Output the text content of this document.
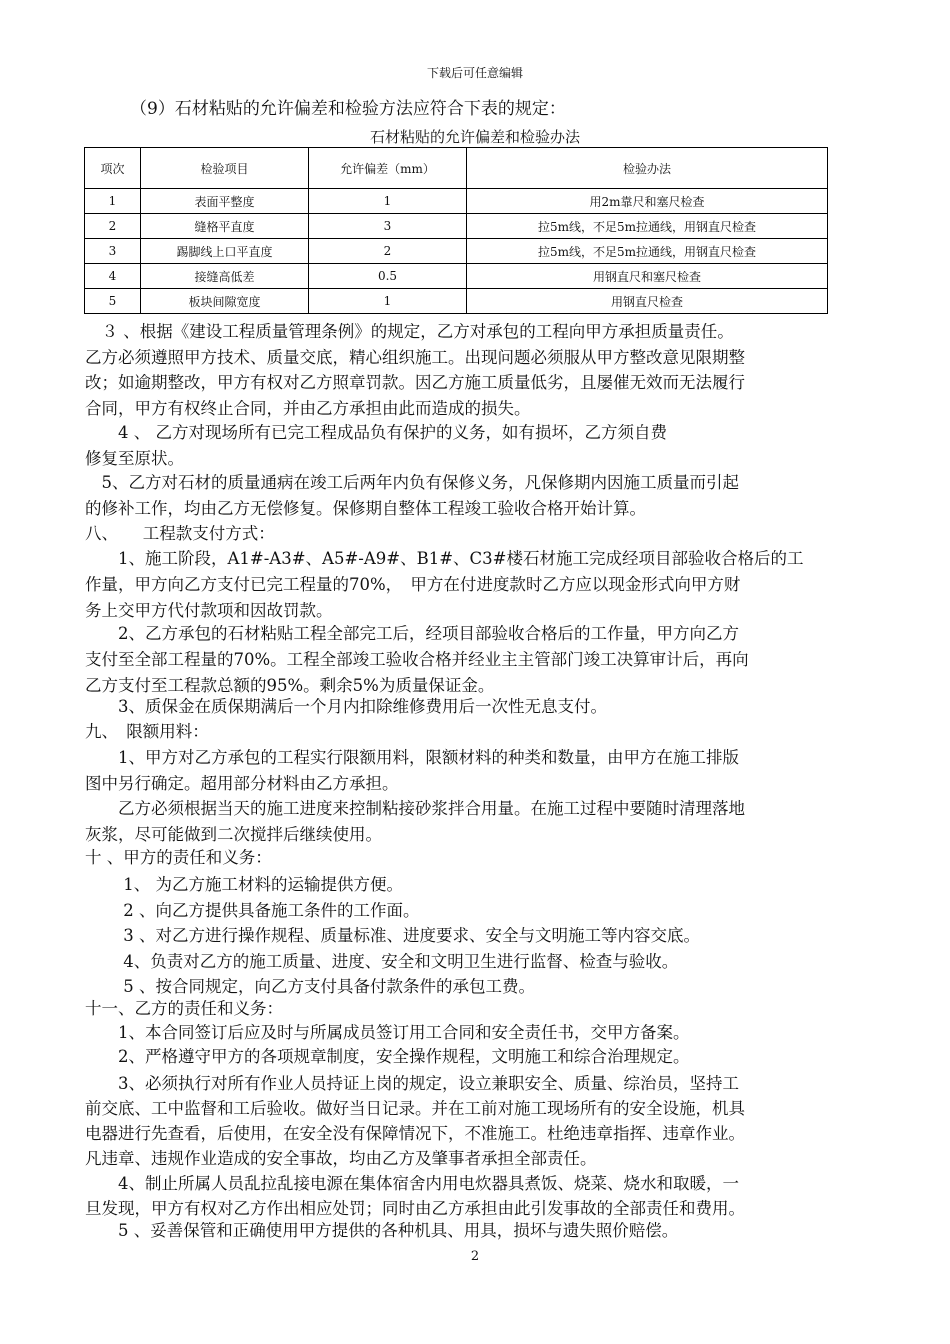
下载后可任意编辑
（9）石材粘贴的允许偏差和检验方法应符合下表的规定：
石材粘贴的允许偏差和检验办法
项次	检验项目	允许偏差（mm）	检验办法
1	表面平整度	1	用2m靠尺和塞尺检查
2	缝格平直度	3	拉5m线，不足5m拉通线，用钢直尺检查
3	踢脚线上口平直度	2	拉5m线，不足5m拉通线，用钢直尺检查
4	接缝高低差	0.5	用钢直尺和塞尺检查
5	板块间隙宽度	1	用钢直尺检查
　３ 、根据《建设工程质量管理条例》的规定，乙方对承包的工程向甲方承担质量责任。
乙方必须遵照甲方技术、质量交底，精心组织施工。出现问题必须服从甲方整改意见限期整
改；如逾期整改，甲方有权对乙方照章罚款。因乙方施工质量低劣，且屡催无效而无法履行
合同，甲方有权终止合同，并由乙方承担由此而造成的损失。
　　4 、 乙方对现场所有已完工程成品负有保护的义务，如有损坏，乙方须自费
修复至原状。
　5、乙方对石材的质量通病在竣工后两年内负有保修义务，凡保修期内因施工质量而引起
的修补工作，均由乙方无偿修复。保修期自整体工程竣工验收合格开始计算。
八、　　工程款支付方式：
　　1、施工阶段，A1#-A3#、A5#-A9#、B1#、C3#楼石材施工完成经项目部验收合格后的工
作量，甲方向乙方支付已完工程量的70%，　甲方在付进度款时乙方应以现金形式向甲方财
务上交甲方代付款项和因故罚款。
　　2、乙方承包的石材粘贴工程全部完工后，经项目部验收合格后的工作量，甲方向乙方
支付至全部工程量的70%。工程全部竣工验收合格并经业主主管部门竣工决算审计后，再向
乙方支付至工程款总额的95%。剩余5%为质量保证金。
　　3、质保金在质保期满后一个月内扣除维修费用后一次性无息支付。
九、　限额用料：
　　1、甲方对乙方承包的工程实行限额用料，限额材料的种类和数量，由甲方在施工排版
图中另行确定。超用部分材料由乙方承担。
　　乙方必须根据当天的施工进度来控制粘接砂浆拌合用量。在施工过程中要随时清理落地
灰浆，尽可能做到二次搅拌后继续使用。
十 、甲方的责任和义务：
　　 1、 为乙方施工材料的运输提供方便。
　　 2 、向乙方提供具备施工条件的工作面。
　　 3 、对乙方进行操作规程、质量标准、进度要求、安全与文明施工等内容交底。
　　 4、负责对乙方的施工质量、进度、安全和文明卫生进行监督、检查与验收。
　　 5 、按合同规定，向乙方支付具备付款条件的承包工费。
十一、乙方的责任和义务：
　　1、本合同签订后应及时与所属成员签订用工合同和安全责任书，交甲方备案。
　　2、严格遵守甲方的各项规章制度，安全操作规程，文明施工和综合治理规定。
　　3、必须执行对所有作业人员持证上岗的规定，设立兼职安全、质量、综治员，坚持工
前交底、工中监督和工后验收。做好当日记录。并在工前对施工现场所有的安全设施，机具
电器进行先查看，后使用，在安全没有保障情况下，不准施工。杜绝违章指挥、违章作业。
凡违章、违规作业造成的安全事故，均由乙方及肇事者承担全部责任。
　　4、制止所属人员乱拉乱接电源在集体宿舍内用电炊器具煮饭、烧菜、烧水和取暖，一
旦发现，甲方有权对乙方作出相应处罚；同时由乙方承担由此引发事故的全部责任和费用。
　　5 、妥善保管和正确使用甲方提供的各种机具、用具，损坏与遗失照价赔偿。
2
